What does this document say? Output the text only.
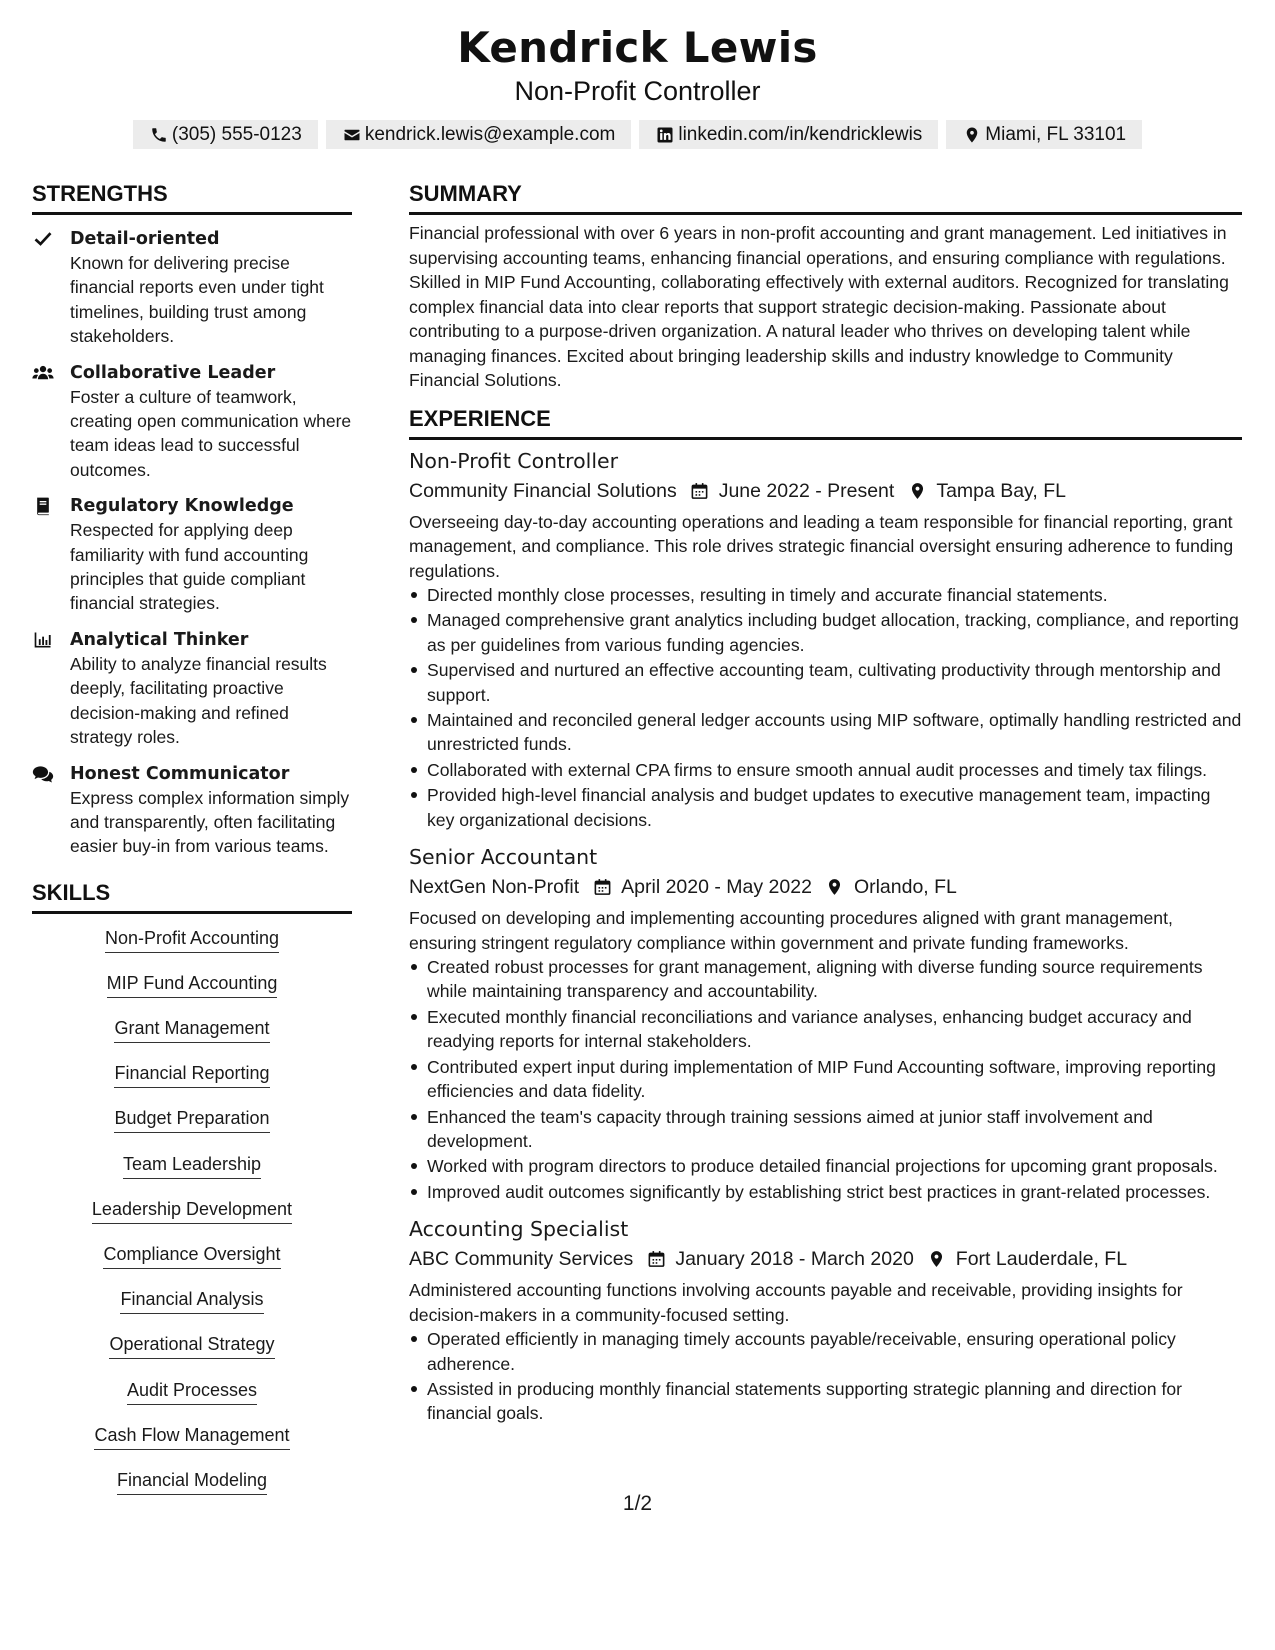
Kendrick Lewis
Non-Profit Controller
(305) 555-0123	kendrick.lewis@example.com	linkedin.com/in/kendricklewis	Miami, FL 33101
STRENGTHS
Detail-oriented
Known for delivering precise financial reports even under tight timelines, building trust among stakeholders.
Collaborative Leader
Foster a culture of teamwork, creating open communication where team ideas lead to successful outcomes.
Regulatory Knowledge
Respected for applying deep familiarity with fund accounting principles that guide compliant financial strategies.
Analytical Thinker
Ability to analyze financial results deeply, facilitating proactive decision-making and refined strategy roles.
Honest Communicator
Express complex information simply and transparently, often facilitating easier buy-in from various teams.
SKILLS
Non-Profit Accounting
MIP Fund Accounting
Grant Management
Financial Reporting
Budget Preparation
Team Leadership
Leadership Development
Compliance Oversight
Financial Analysis
Operational Strategy
Audit Processes
Cash Flow Management
Financial Modeling
SUMMARY
Financial professional with over 6 years in non-profit accounting and grant management. Led initiatives in supervising accounting teams, enhancing financial operations, and ensuring compliance with regulations. Skilled in MIP Fund Accounting, collaborating effectively with external auditors. Recognized for translating complex financial data into clear reports that support strategic decision-making. Passionate about contributing to a purpose-driven organization. A natural leader who thrives on developing talent while managing finances. Excited about bringing leadership skills and industry knowledge to Community Financial Solutions.
EXPERIENCE
Non-Profit Controller
Community Financial Solutions June 2022 - Present Tampa Bay, FL
Overseeing day-to-day accounting operations and leading a team responsible for financial reporting, grant management, and compliance. This role drives strategic financial oversight ensuring adherence to funding regulations.
Directed monthly close processes, resulting in timely and accurate financial statements.
Managed comprehensive grant analytics including budget allocation, tracking, compliance, and reporting as per guidelines from various funding agencies.
Supervised and nurtured an effective accounting team, cultivating productivity through mentorship and support.
Maintained and reconciled general ledger accounts using MIP software, optimally handling restricted and unrestricted funds.
Collaborated with external CPA firms to ensure smooth annual audit processes and timely tax filings.
Provided high-level financial analysis and budget updates to executive management team, impacting key organizational decisions.
Senior Accountant
NextGen Non-Profit April 2020 - May 2022 Orlando, FL
Focused on developing and implementing accounting procedures aligned with grant management, ensuring stringent regulatory compliance within government and private funding frameworks.
Created robust processes for grant management, aligning with diverse funding source requirements while maintaining transparency and accountability.
Executed monthly financial reconciliations and variance analyses, enhancing budget accuracy and readying reports for internal stakeholders.
Contributed expert input during implementation of MIP Fund Accounting software, improving reporting efficiencies and data fidelity.
Enhanced the team's capacity through training sessions aimed at junior staff involvement and development.
Worked with program directors to produce detailed financial projections for upcoming grant proposals.
Improved audit outcomes significantly by establishing strict best practices in grant-related processes.
Accounting Specialist
ABC Community Services January 2018 - March 2020 Fort Lauderdale, FL
Administered accounting functions involving accounts payable and receivable, providing insights for decision-makers in a community-focused setting.
Operated efficiently in managing timely accounts payable/receivable, ensuring operational policy adherence.
Assisted in producing monthly financial statements supporting strategic planning and direction for financial goals.
1/2
